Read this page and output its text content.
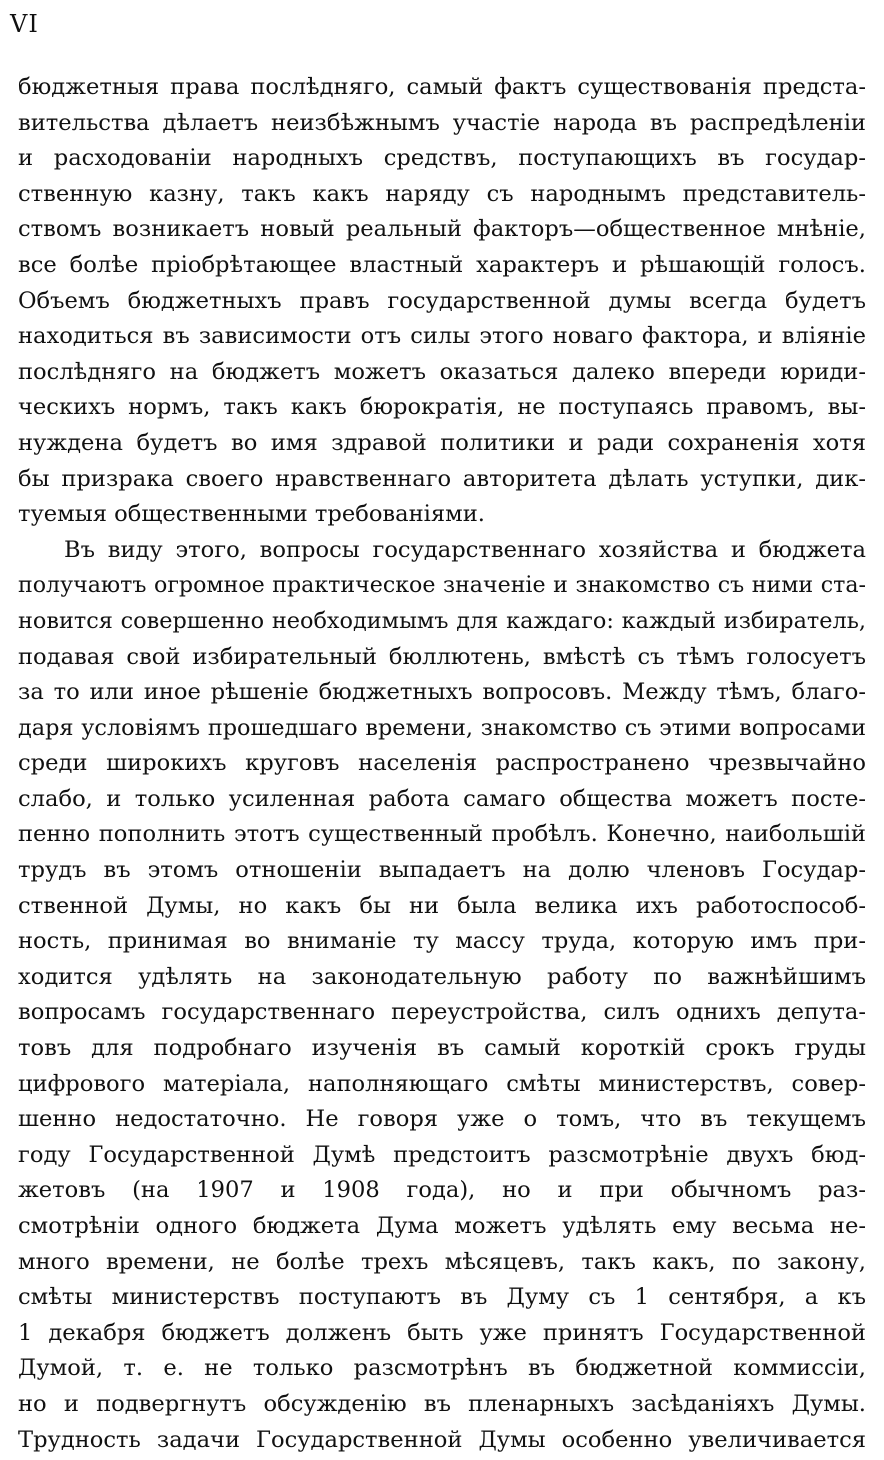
VI
бюджетныя права послѣдняго, самый фактъ существованія предста-
вительства дѣлаетъ неизбѣжнымъ участіе народа въ распредѣленіи
и расходованіи народныхъ средствъ, поступающихъ въ государ-
ственную казну, такъ какъ наряду съ народнымъ представитель-
ствомъ возникаетъ новый реальный факторъ—общественное мнѣніе,
все болѣе пріобрѣтающее властный характеръ и рѣшающій голосъ.
Объемъ бюджетныхъ правъ государственной думы всегда будетъ
находиться въ зависимости отъ силы этого новаго фактора, и вліяніе
послѣдняго на бюджетъ можетъ оказаться далеко впереди юриди-
ческихъ нормъ, такъ какъ бюрократія, не поступаясь правомъ, вы-
нуждена будетъ во имя здравой политики и ради сохраненія хотя
бы призрака своего нравственнаго авторитета дѣлать уступки, дик-
туемыя общественными требованіями.
Въ виду этого, вопросы государственнаго хозяйства и бюджета
получаютъ огромное практическое значеніе и знакомство съ ними ста-
новится совершенно необходимымъ для каждаго: каждый избиратель,
подавая свой избирательный бюллютень, вмѣстѣ съ тѣмъ голосуетъ
за то или иное рѣшеніе бюджетныхъ вопросовъ. Между тѣмъ, благо-
даря условіямъ прошедшаго времени, знакомство съ этими вопросами
среди широкихъ круговъ населенія распространено чрезвычайно
слабо, и только усиленная работа самаго общества можетъ посте-
пенно пополнить этотъ существенный пробѣлъ. Конечно, наибольшій
трудъ въ этомъ отношеніи выпадаетъ на долю членовъ Государ-
ственной Думы, но какъ бы ни была велика ихъ работоспособ-
ность, принимая во вниманіе ту массу труда, которую имъ при-
ходится удѣлять на законодательную работу по важнѣйшимъ
вопросамъ государственнаго переустройства, силъ однихъ депута-
товъ для подробнаго изученія въ самый короткій срокъ груды
цифрового матеріала, наполняющаго смѣты министерствъ, совер-
шенно недостаточно. Не говоря уже о томъ, что въ текущемъ
году Государственной Думѣ предстоитъ разсмотрѣніе двухъ бюд-
жетовъ (на 1907 и 1908 года), но и при обычномъ раз-
смотрѣніи одного бюджета Дума можетъ удѣлять ему весьма не-
много времени, не болѣе трехъ мѣсяцевъ, такъ какъ, по закону,
смѣты министерствъ поступаютъ въ Думу съ 1 сентября, а къ
1 декабря бюджетъ долженъ быть уже принятъ Государственной
Думой, т. е. не только разсмотрѣнъ въ бюджетной коммиссіи,
но и подвергнутъ обсужденію въ пленарныхъ засѣданіяхъ Думы.
Трудность задачи Государственной Думы особенно увеличивается
